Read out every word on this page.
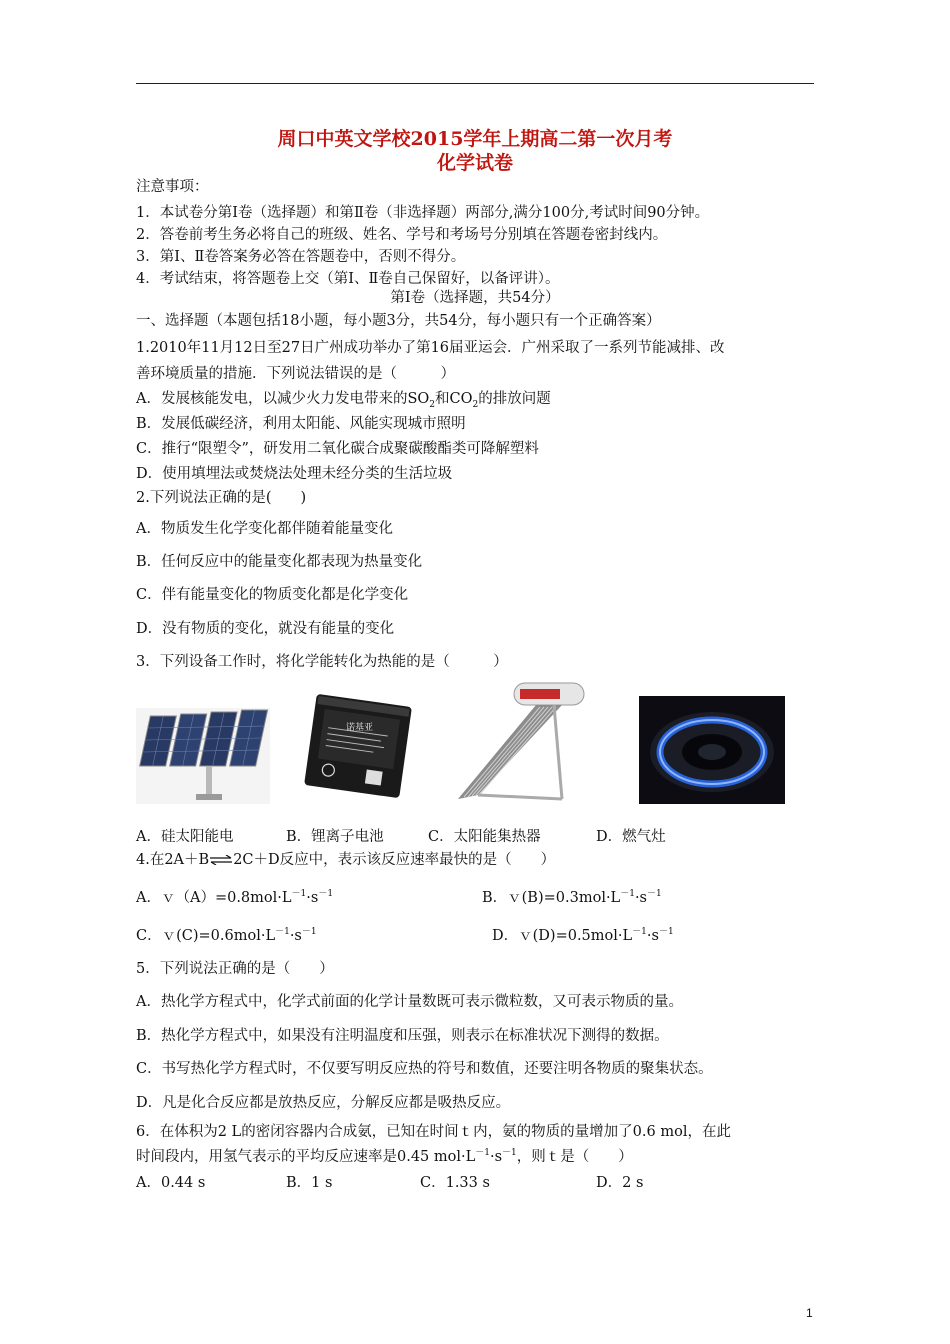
周口中英文学校2015学年上期高二第一次月考
化学试卷
注意事项：
1．本试卷分第Ⅰ卷（选择题）和第Ⅱ卷（非选择题）两部分,满分100分,考试时间90分钟。
2．答卷前考生务必将自己的班级、姓名、学号和考场号分别填在答题卷密封线内。
3．第Ⅰ、Ⅱ卷答案务必答在答题卷中，否则不得分。
4．考试结束，将答题卷上交（第Ⅰ、Ⅱ卷自己保留好，以备评讲）。
第Ⅰ卷（选择题，共54分）
一、选择题（本题包括18小题，每小题3分，共54分，每小题只有一个正确答案）
1.2010年11月12日至27日广州成功举办了第16届亚运会．广州采取了一系列节能减排、改
善环境质量的措施．下列说法错误的是（　　　）
A．发展核能发电，以减少火力发电带来的$SO_2$和$CO_2$的排放问题
B．发展低碳经济，利用太阳能、风能实现城市照明
C．推行“限塑令”，研发用二氧化碳合成聚碳酸酯类可降解塑料
D．使用填埋法或焚烧法处理未经分类的生活垃圾
2.下列说法正确的是(　　)
A．物质发生化学变化都伴随着能量变化
B．任何反应中的能量变化都表现为热量变化
C．伴有能量变化的物质变化都是化学变化
D．没有物质的变化，就没有能量的变化
3．下列设备工作时，将化学能转化为热能的是（　　　）
诺基亚
A．硅太阳能电	B．锂离子电池	C．太阳能集热器	D．燃气灶
4.在2A＋B⇌2C＋D反应中，表示该反应速率最快的是（　　）
A．$v(A)=0.8mol\cdot L^{-1}\cdot s^{-1}$	B．$v(B)=0.3mol\cdot L^{-1}\cdot s^{-1}$
C．$v(C)=0.6mol\cdot L^{-1}\cdot s^{-1}$	D．$v(D)=0.5mol\cdot L^{-1}\cdot s^{-1}$
5．下列说法正确的是（　　）
A．热化学方程式中，化学式前面的化学计量数既可表示微粒数，又可表示物质的量。
B．热化学方程式中，如果没有注明温度和压强，则表示在标准状况下测得的数据。
C．书写热化学方程式时，不仅要写明反应热的符号和数值，还要注明各物质的聚集状态。
D．凡是化合反应都是放热反应，分解反应都是吸热反应。
6．在体积为2 L的密闭容器内合成氨，已知在时间ｔ内，氨的物质的量增加了0.6 mol，在此
时间段内，用氢气表示的平均反应速率是0.45 $mol\cdot L^{-1}\cdot s^{-1}$，则ｔ是（　　）
A．0.44 s	B．1 s	C．1.33 s	D．2 s
1
